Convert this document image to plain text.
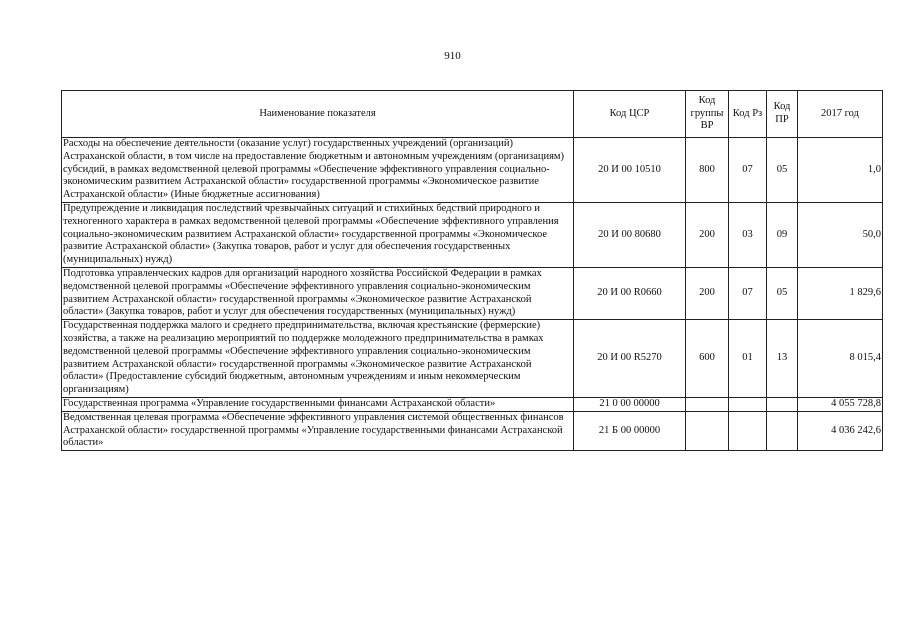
910
Наименование показателя	Код ЦСР	Код группы ВР	Код Рз	Код ПР	2017 год
Расходы на обеспечение деятельности (оказание услуг) государственных учреждений (организаций) Астраханской области, в том числе на предоставление бюджетным и автономным учреждениям (организациям) субсидий, в рамках ведомственной целевой программы «Обеспечение эффективного управления социально-экономическим развитием Астраханской области» государственной программы «Экономическое развитие Астраханской области» (Иные бюджетные ассигнования)	20 И 00 10510	800	07	05	1,0
Предупреждение и ликвидация последствий чрезвычайных ситуаций и стихийных бедствий природного и техногенного характера в рамках ведомственной целевой программы «Обеспечение эффективного управления социально-экономическим развитием Астраханской области» государственной программы «Экономическое развитие Астраханской области» (Закупка товаров, работ и услуг для обеспечения государственных (муниципальных) нужд)	20 И 00 80680	200	03	09	50,0
Подготовка управленческих кадров для организаций народного хозяйства Российской Федерации в рамках ведомственной целевой программы «Обеспечение эффективного управления социально-экономическим развитием Астраханской области» государственной программы «Экономическое развитие Астраханской области» (Закупка товаров, работ и услуг для обеспечения государственных (муниципальных) нужд)	20 И 00 R0660	200	07	05	1 829,6
Государственная поддержка малого и среднего предпринимательства, включая крестьянские (фермерские) хозяйства, а также на реализацию мероприятий по поддержке молодежного предпринимательства в рамках ведомственной целевой программы «Обеспечение эффективного управления социально-экономическим развитием Астраханской области» государственной программы «Экономическое развитие Астраханской области» (Предоставление субсидий бюджетным, автономным учреждениям и иным некоммерческим организациям)	20 И 00 R5270	600	01	13	8 015,4
Государственная программа «Управление государственными финансами Астраханской области»	21 0 00 00000				4 055 728,8
Ведомственная целевая программа «Обеспечение эффективного управления системой общественных финансов Астраханской области» государственной программы «Управление государственными финансами Астраханской области»	21 Б 00 00000				4 036 242,6
